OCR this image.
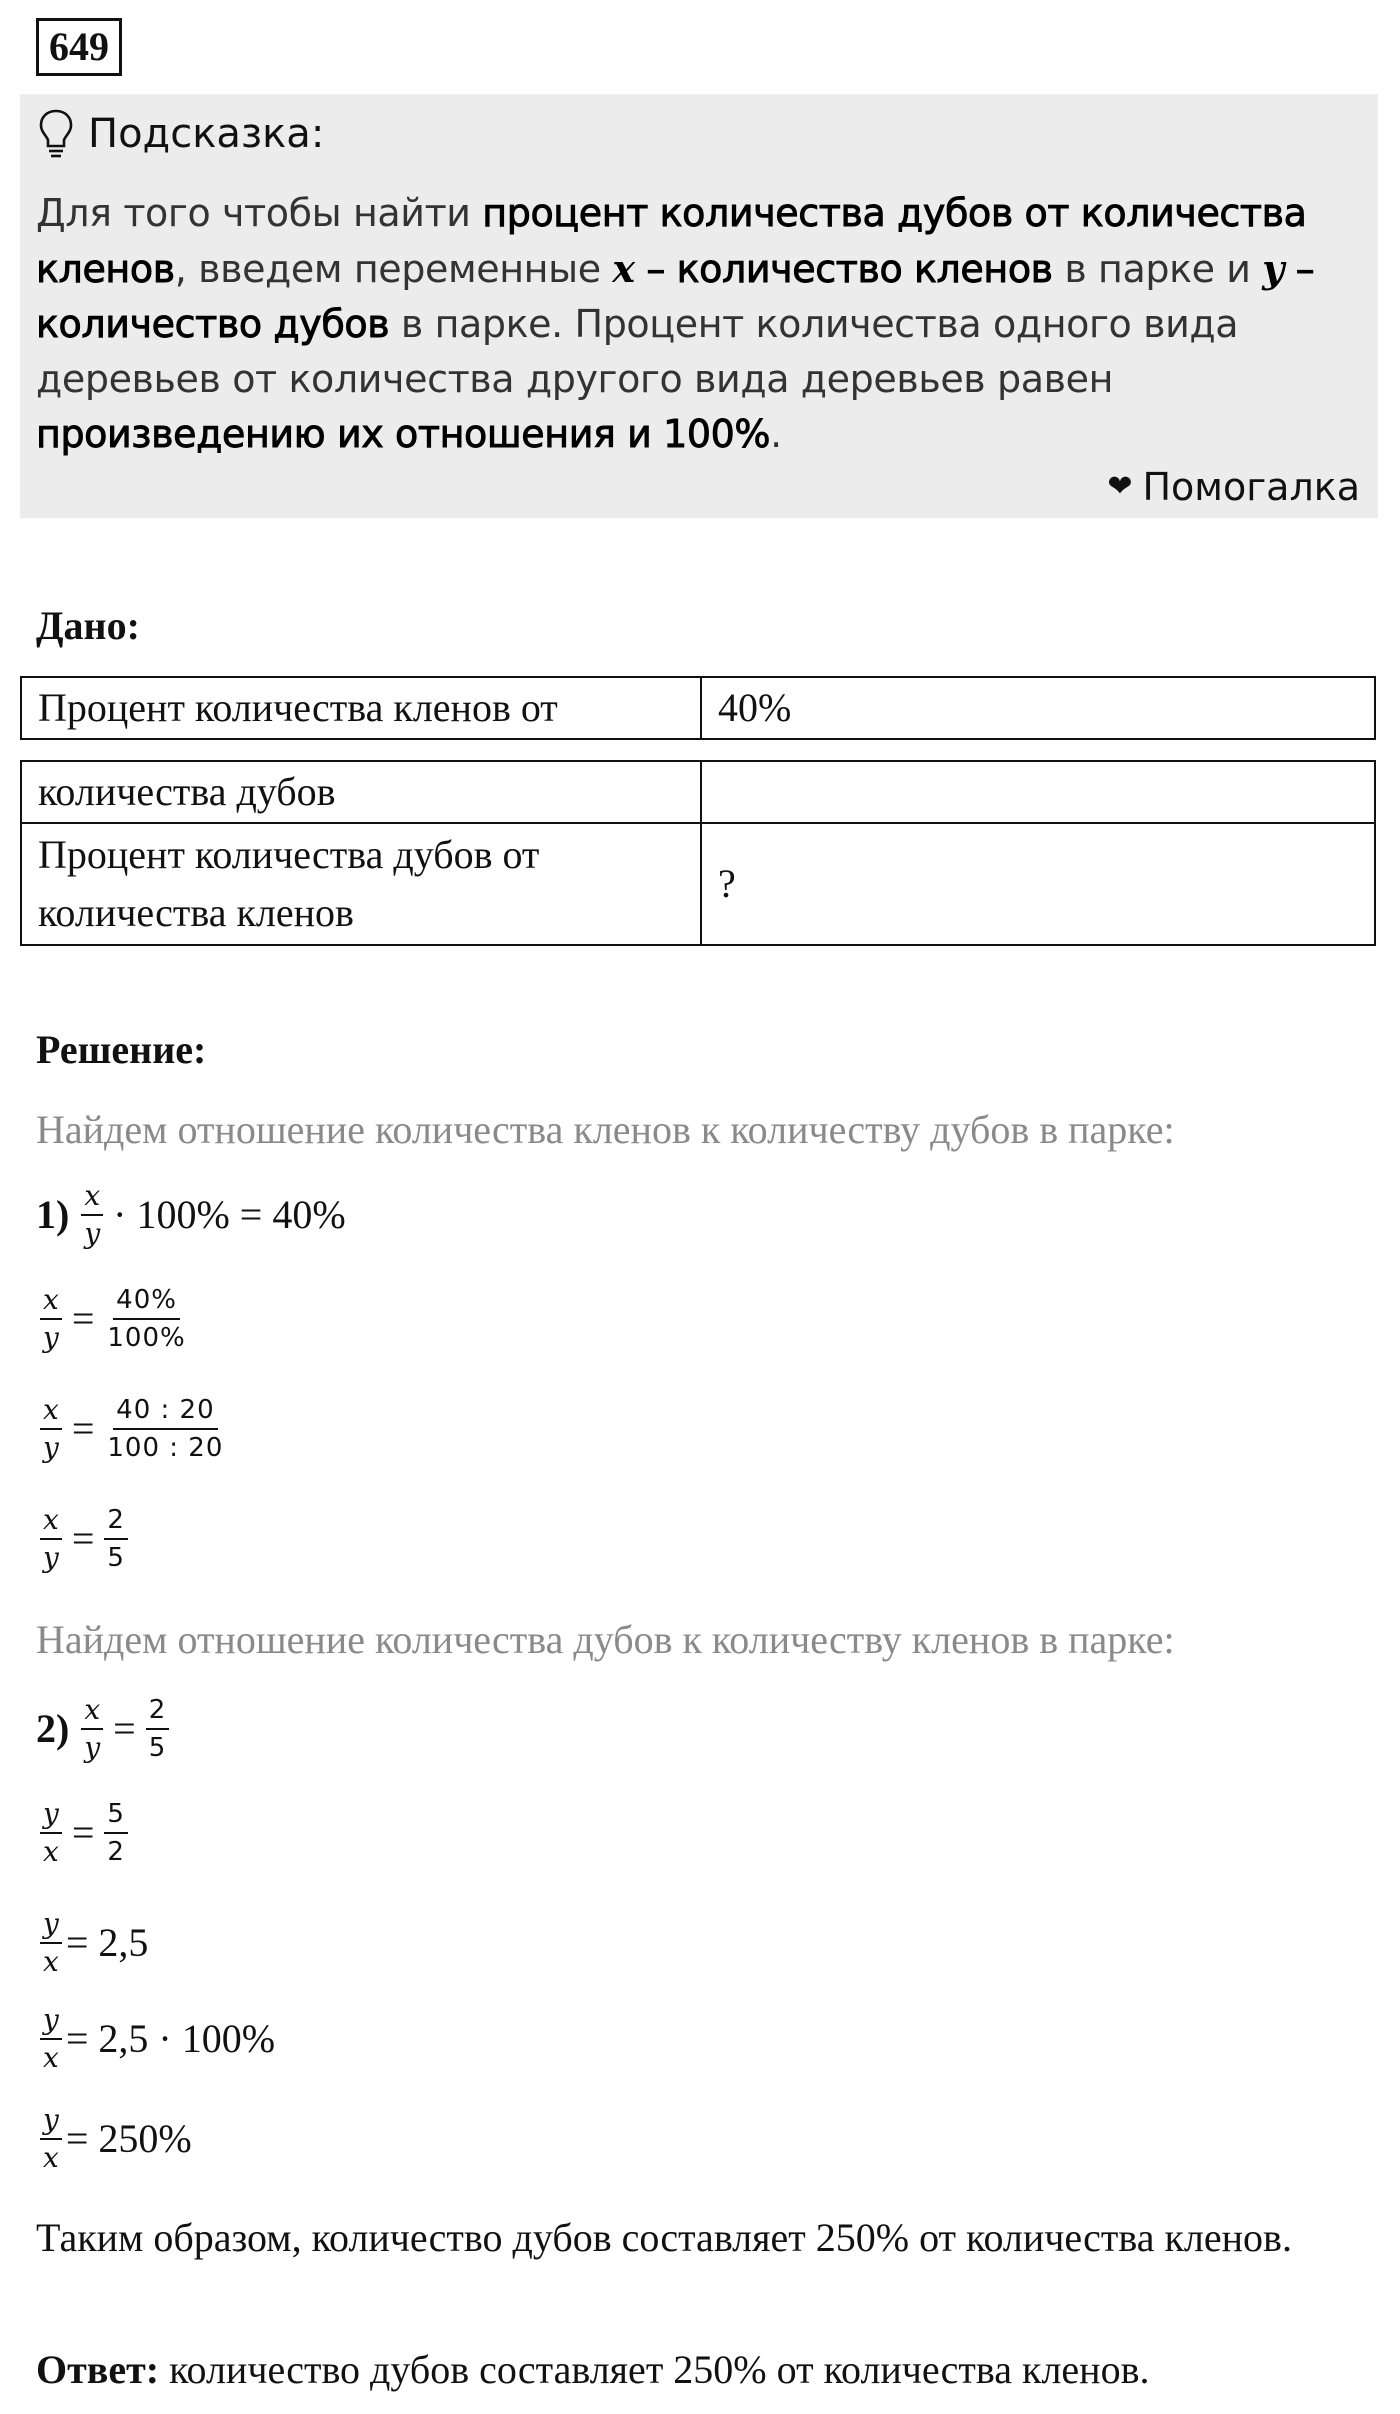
649
Подсказка:
Для того чтобы найти процент количества дубов от количества кленов, введем переменные x – количество кленов в парке и y – количество дубов в парке. Процент количества одного вида деревьев от количества другого вида деревьев равен произведению их отношения и 100%.
❤ Помогалка
Дано:
Процент количества кленов от	40%
количества дубов	
Процент количества дубов от
количества кленов	?
Решение:
Найдем отношение количества кленов к количеству дубов в парке:
$1) \frac{x}{y} \cdot 100\% = 40\%$
$\frac{x}{y} = \frac{40\%}{100\%}$
$\frac{x}{y} = \frac{40 : 20}{100 : 20}$
$\frac{x}{y} = \frac{2}{5}$
Найдем отношение количества дубов к количеству кленов в парке:
$2) \frac{x}{y} = \frac{2}{5}$
$\frac{y}{x} = \frac{5}{2}$
$\frac{y}{x} = 2,5$
$\frac{y}{x} = 2,5 \cdot 100\%$
$\frac{y}{x} = 250\%$
Таким образом, количество дубов составляет 250% от количества кленов.
Ответ: количество дубов составляет 250% от количества кленов.
